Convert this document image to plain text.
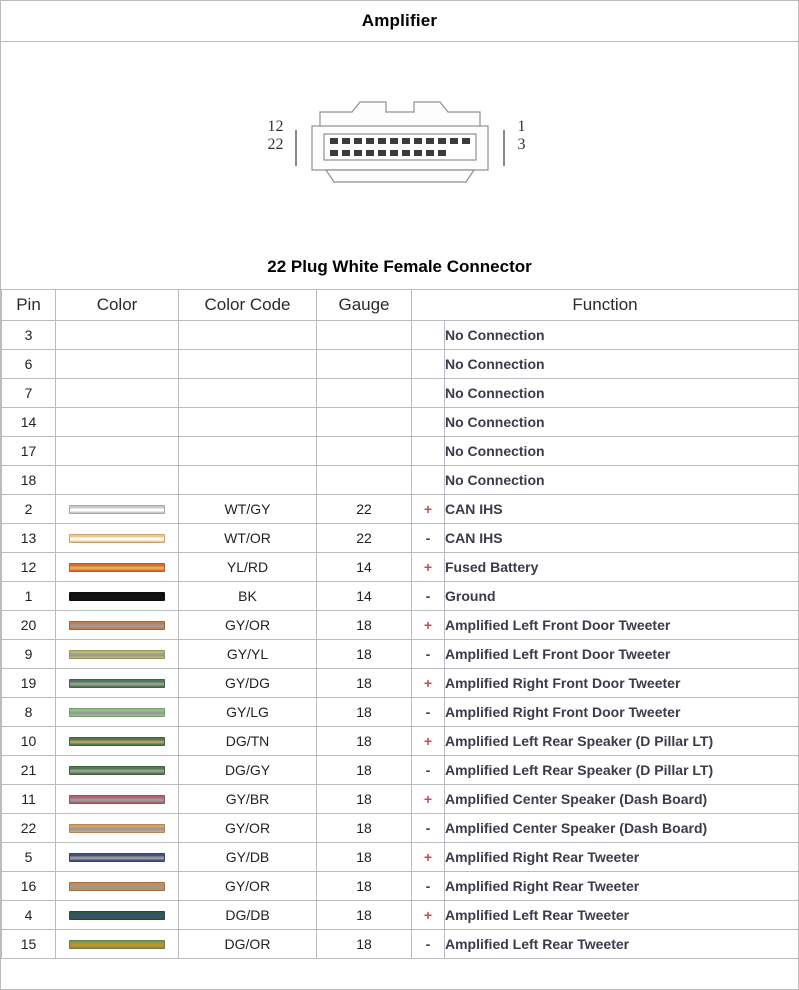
Amplifier
12
22
1
3
22 Plug White Female Connector
Pin	Color	Color Code	Gauge	Function	
3					No Connection
6					No Connection
7					No Connection
14					No Connection
17					No Connection
18					No Connection
2		WT/GY	22	+	CAN IHS
13		WT/OR	22	-	CAN IHS
12		YL/RD	14	+	Fused Battery
1		BK	14	-	Ground
20		GY/OR	18	+	Amplified Left Front Door Tweeter
9		GY/YL	18	-	Amplified Left Front Door Tweeter
19		GY/DG	18	+	Amplified Right Front Door Tweeter
8		GY/LG	18	-	Amplified Right Front Door Tweeter
10		DG/TN	18	+	Amplified Left Rear Speaker (D Pillar LT)
21		DG/GY	18	-	Amplified Left Rear Speaker (D Pillar LT)
11		GY/BR	18	+	Amplified Center Speaker (Dash Board)
22		GY/OR	18	-	Amplified Center Speaker (Dash Board)
5		GY/DB	18	+	Amplified Right Rear Tweeter
16		GY/OR	18	-	Amplified Right Rear Tweeter
4		DG/DB	18	+	Amplified Left Rear Tweeter
15		DG/OR	18	-	Amplified Left Rear Tweeter
